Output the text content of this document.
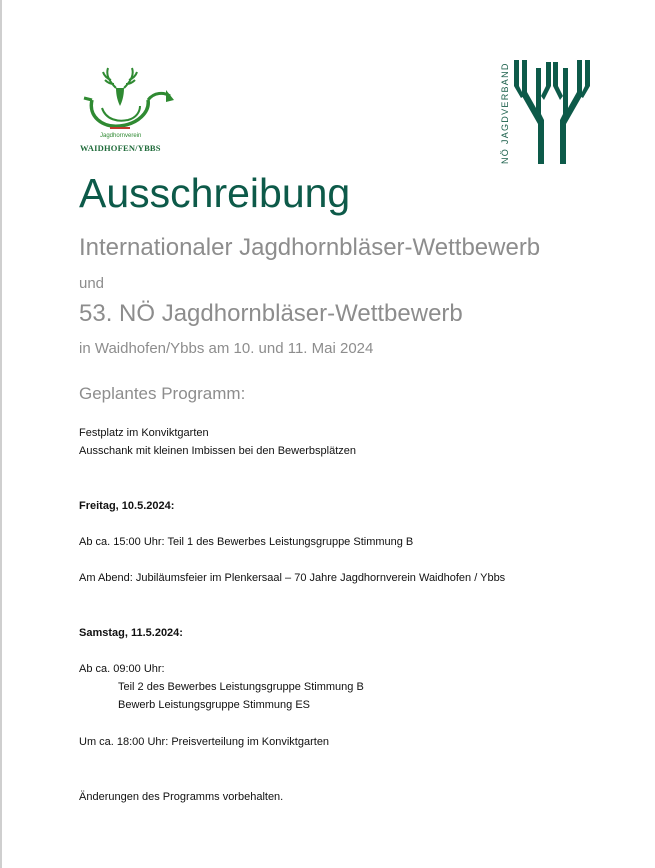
Jagdhornverein
WAIDHOFEN/YBBS	NÖ JAGDVERBAND
Ausschreibung
Internationaler Jagdhornbläser-Wettbewerb
und
53. NÖ Jagdhornbläser-Wettbewerb
in Waidhofen/Ybbs am 10. und 11. Mai 2024
Geplantes Programm:
Festplatz im Konviktgarten
Ausschank mit kleinen Imbissen bei den Bewerbsplätzen
Freitag, 10.5.2024:
Ab ca. 15:00 Uhr: Teil 1 des Bewerbes Leistungsgruppe Stimmung B
Am Abend: Jubiläumsfeier im Plenkersaal – 70 Jahre Jagdhornverein Waidhofen / Ybbs
Samstag, 11.5.2024:
Ab ca. 09:00 Uhr:
Teil 2 des Bewerbes Leistungsgruppe Stimmung B
Bewerb Leistungsgruppe Stimmung ES
Um ca. 18:00 Uhr: Preisverteilung im Konviktgarten
Änderungen des Programms vorbehalten.
